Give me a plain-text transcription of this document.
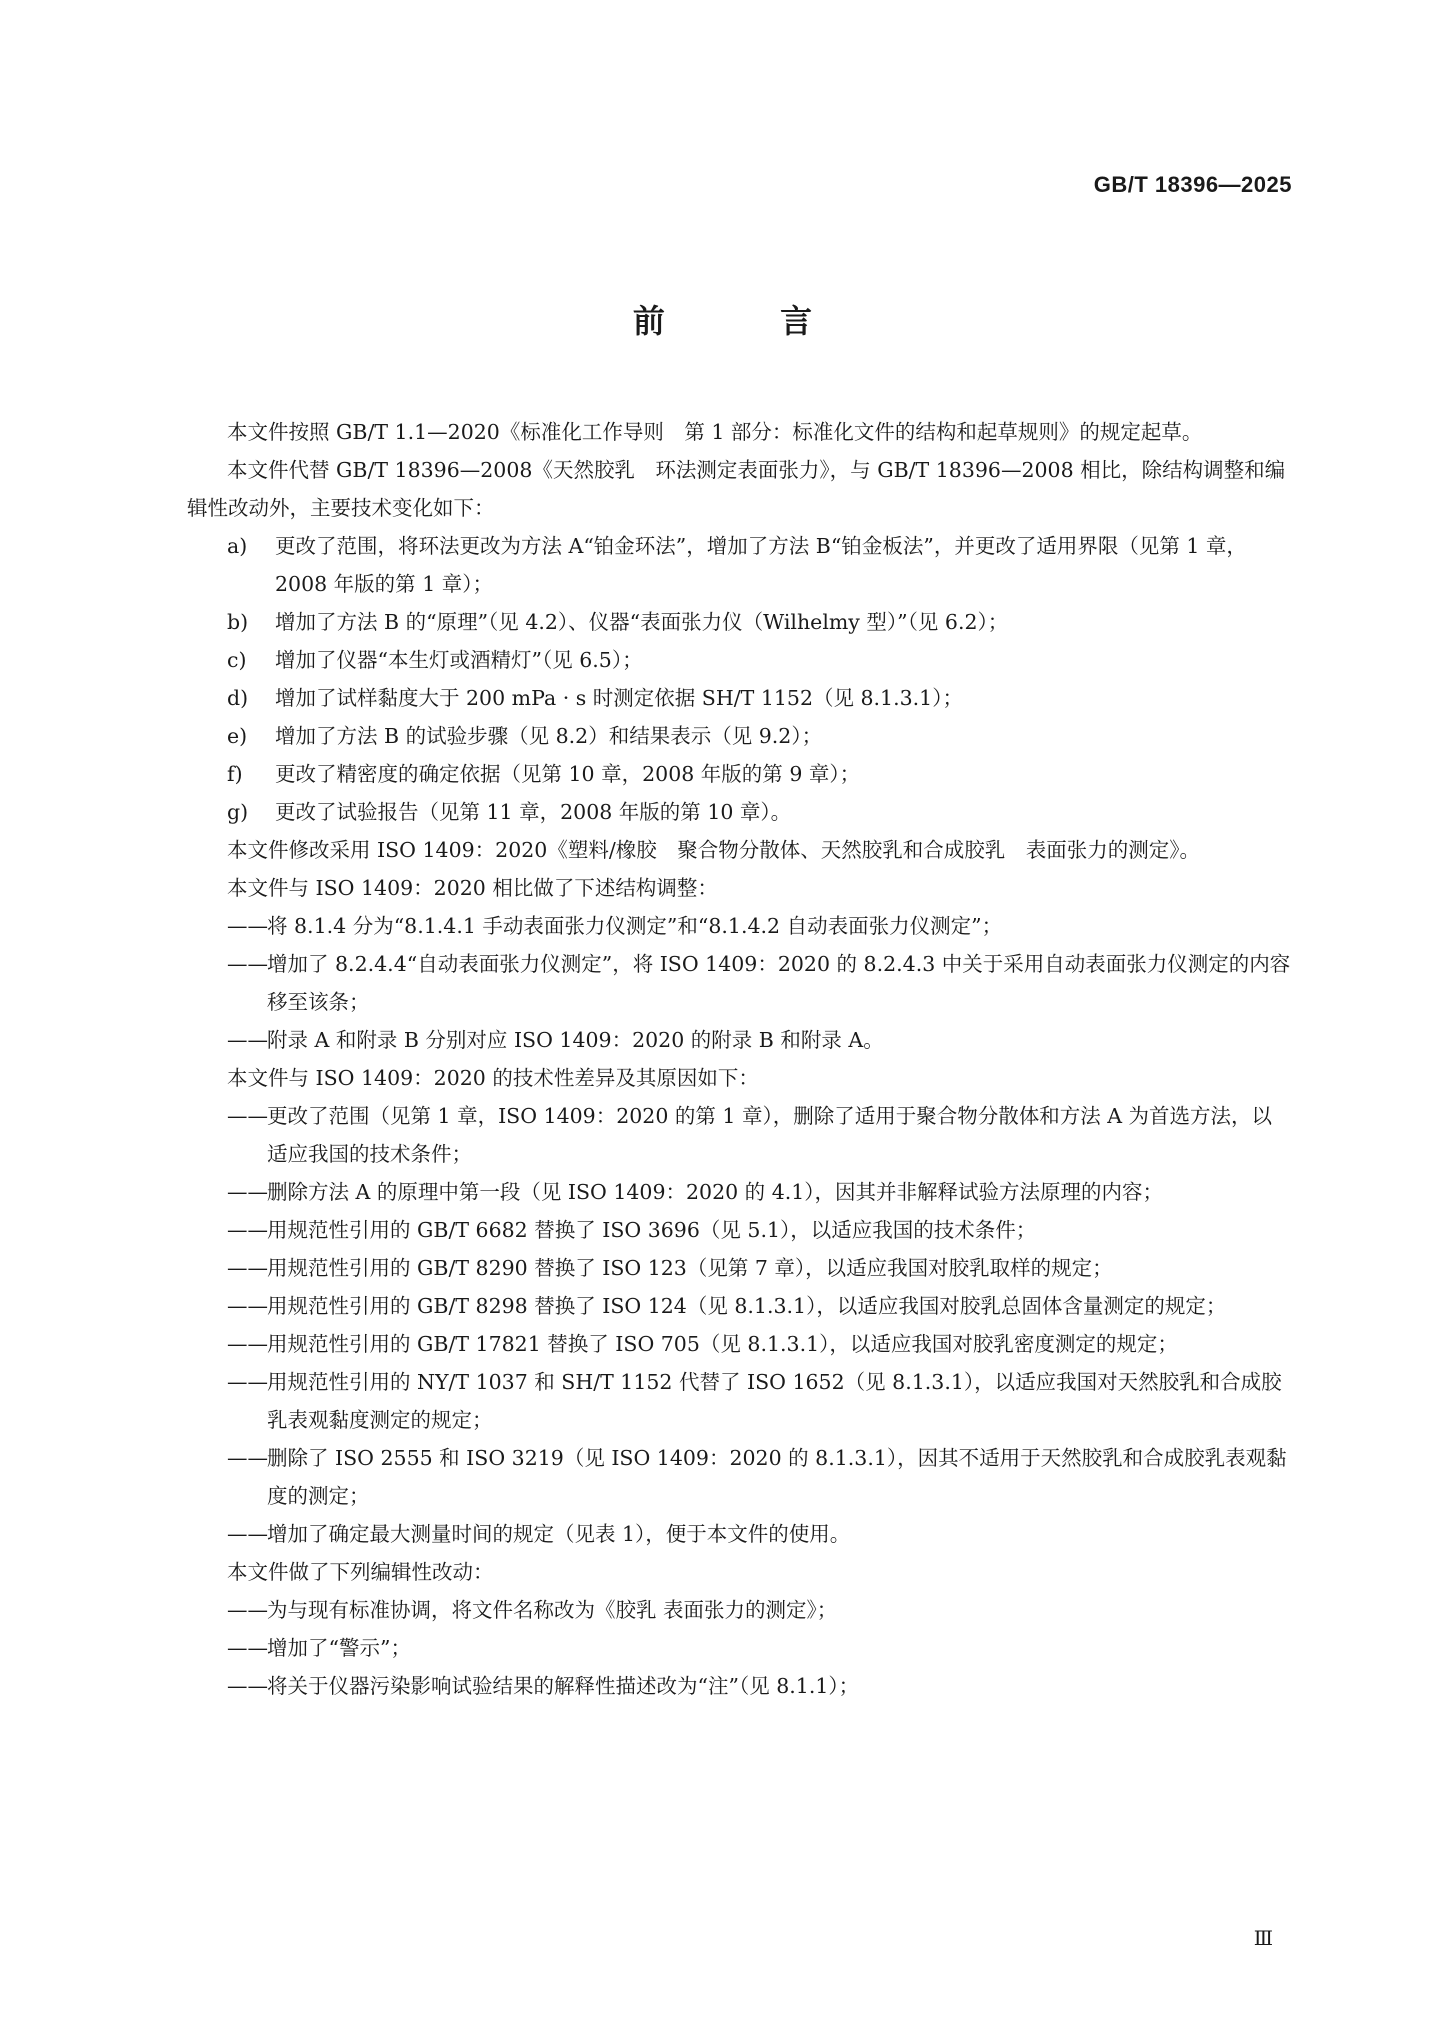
GB/T 18396—2025

前 言

本文件按照 GB/T 1.1—2020《标准化工作导则　第 1 部分：标准化文件的结构和起草规则》的规定起草。

本文件代替 GB/T 18396—2008《天然胶乳　环法测定表面张力》，与 GB/T 18396—2008 相比，除结构调整和编辑性改动外，主要技术变化如下：

a)	更改了范围，将环法更改为方法 A“铂金环法”，增加了方法 B“铂金板法”，并更改了适用界限（见第 1 章，2008 年版的第 1 章）；
b)	增加了方法 B 的“原理”（见 4.2）、仪器“表面张力仪（Wilhelmy 型）”（见 6.2）；
c)	增加了仪器“本生灯或酒精灯”（见 6.5）；
d)	增加了试样黏度大于 200 mPa · s 时测定依据 SH/T 1152（见 8.1.3.1）；
e)	增加了方法 B 的试验步骤（见 8.2）和结果表示（见 9.2）；
f)	更改了精密度的确定依据（见第 10 章，2008 年版的第 9 章）；
g)	更改了试验报告（见第 11 章，2008 年版的第 10 章）。

本文件修改采用 ISO 1409：2020《塑料/橡胶　聚合物分散体、天然胶乳和合成胶乳　表面张力的测定》。

本文件与 ISO 1409：2020 相比做了下述结构调整：

——将 8.1.4 分为“8.1.4.1 手动表面张力仪测定”和“8.1.4.2 自动表面张力仪测定”；

——增加了 8.2.4.4“自动表面张力仪测定”，将 ISO 1409：2020 的 8.2.4.3 中关于采用自动表面张力仪测定的内容移至该条；

——附录 A 和附录 B 分别对应 ISO 1409：2020 的附录 B 和附录 A。

本文件与 ISO 1409：2020 的技术性差异及其原因如下：

——更改了范围（见第 1 章，ISO 1409：2020 的第 1 章），删除了适用于聚合物分散体和方法 A 为首选方法，以适应我国的技术条件；

——删除方法 A 的原理中第一段（见 ISO 1409：2020 的 4.1），因其并非解释试验方法原理的内容；

——用规范性引用的 GB/T 6682 替换了 ISO 3696（见 5.1），以适应我国的技术条件；

——用规范性引用的 GB/T 8290 替换了 ISO 123（见第 7 章），以适应我国对胶乳取样的规定；

——用规范性引用的 GB/T 8298 替换了 ISO 124（见 8.1.3.1），以适应我国对胶乳总固体含量测定的规定；

——用规范性引用的 GB/T 17821 替换了 ISO 705（见 8.1.3.1），以适应我国对胶乳密度测定的规定；

——用规范性引用的 NY/T 1037 和 SH/T 1152 代替了 ISO 1652（见 8.1.3.1），以适应我国对天然胶乳和合成胶乳表观黏度测定的规定；

——删除了 ISO 2555 和 ISO 3219（见 ISO 1409：2020 的 8.1.3.1），因其不适用于天然胶乳和合成胶乳表观黏度的测定；

——增加了确定最大测量时间的规定（见表 1），便于本文件的使用。

本文件做了下列编辑性改动：

——为与现有标准协调，将文件名称改为《胶乳 表面张力的测定》；

——增加了“警示”；

——将关于仪器污染影响试验结果的解释性描述改为“注”（见 8.1.1）；

Ⅲ
